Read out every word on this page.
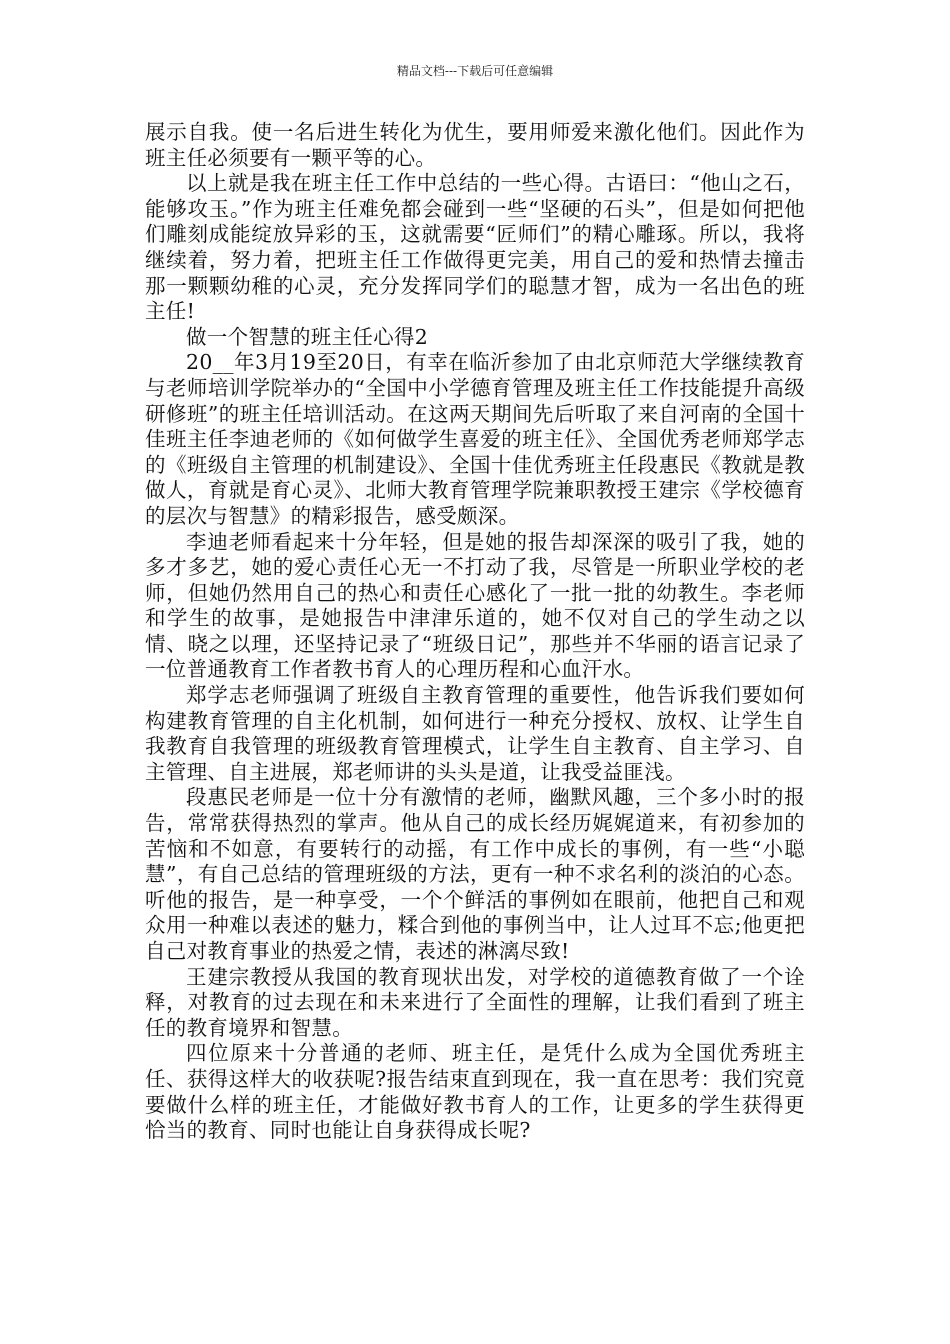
精品文档---下载后可任意编辑

展示自我。使一名后进生转化为优生，要用师爱来激化他们。因此作为班主任必须要有一颗平等的心。

以上就是我在班主任工作中总结的一些心得。古语曰：“他山之石，能够攻玉。”作为班主任难免都会碰到一些“坚硬的石头”，但是如何把他们雕刻成能绽放异彩的玉，这就需要“匠师们”的精心雕琢。所以，我将继续着，努力着，把班主任工作做得更完美，用自己的爱和热情去撞击那一颗颗幼稚的心灵，充分发挥同学们的聪慧才智，成为一名出色的班主任!

做一个智慧的班主任心得2

20__年3月19至20日，有幸在临沂参加了由北京师范大学继续教育与老师培训学院举办的“全国中小学德育管理及班主任工作技能提升高级研修班”的班主任培训活动。在这两天期间先后听取了来自河南的全国十佳班主任李迪老师的《如何做学生喜爱的班主任》、全国优秀老师郑学志的《班级自主管理的机制建设》、全国十佳优秀班主任段惠民《教就是教做人，育就是育心灵》、北师大教育管理学院兼职教授王建宗《学校德育的层次与智慧》的精彩报告，感受颇深。

李迪老师看起来十分年轻，但是她的报告却深深的吸引了我，她的多才多艺，她的爱心责任心无一不打动了我，尽管是一所职业学校的老师，但她仍然用自己的热心和责任心感化了一批一批的幼教生。李老师和学生的故事，是她报告中津津乐道的，她不仅对自己的学生动之以情、晓之以理，还坚持记录了“班级日记”，那些并不华丽的语言记录了一位普通教育工作者教书育人的心理历程和心血汗水。

郑学志老师强调了班级自主教育管理的重要性，他告诉我们要如何构建教育管理的自主化机制，如何进行一种充分授权、放权、让学生自我教育自我管理的班级教育管理模式，让学生自主教育、自主学习、自主管理、自主进展，郑老师讲的头头是道，让我受益匪浅。

段惠民老师是一位十分有激情的老师，幽默风趣，三个多小时的报告，常常获得热烈的掌声。他从自己的成长经历娓娓道来，有初参加的苦恼和不如意，有要转行的动摇，有工作中成长的事例，有一些“小聪慧”，有自己总结的管理班级的方法，更有一种不求名利的淡泊的心态。听他的报告，是一种享受，一个个鲜活的事例如在眼前，他把自己和观众用一种难以表述的魅力，糅合到他的事例当中，让人过耳不忘;他更把自己对教育事业的热爱之情，表述的淋漓尽致!

王建宗教授从我国的教育现状出发，对学校的道德教育做了一个诠释，对教育的过去现在和未来进行了全面性的理解，让我们看到了班主任的教育境界和智慧。

四位原来十分普通的老师、班主任，是凭什么成为全国优秀班主任、获得这样大的收获呢?报告结束直到现在，我一直在思考：我们究竟要做什么样的班主任，才能做好教书育人的工作，让更多的学生获得更恰当的教育、同时也能让自身获得成长呢?
